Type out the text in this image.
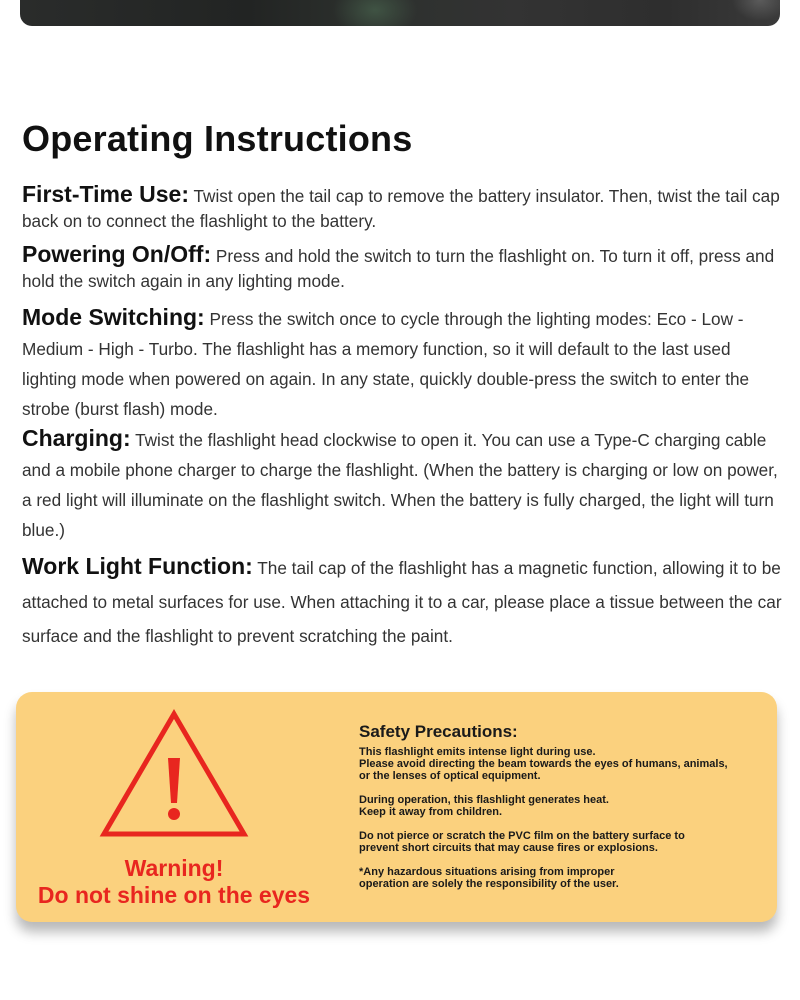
Operating Instructions

First-Time Use: Twist open the tail cap to remove the battery insulator. Then, twist the tail cap back on to connect the flashlight to the battery.

Powering On/Off: Press and hold the switch to turn the flashlight on. To turn it off, press and hold the switch again in any lighting mode.

Mode Switching: Press the switch once to cycle through the lighting modes: Eco - Low - Medium - High - Turbo. The flashlight has a memory function, so it will default to the last used lighting mode when powered on again. In any state, quickly double-press the switch to enter the strobe (burst flash) mode.

Charging: Twist the flashlight head clockwise to open it. You can use a Type-C charging cable and a mobile phone charger to charge the flashlight. (When the battery is charging or low on power, a red light will illuminate on the flashlight switch. When the battery is fully charged, the light will turn blue.)

Work Light Function: The tail cap of the flashlight has a magnetic function, allowing it to be attached to metal surfaces for use. When attaching it to a car, please place a tissue between the car surface and the flashlight to prevent scratching the paint.

Warning!
Do not shine on the eyes
Safety Precautions:

This flashlight emits intense light during use.
Please avoid directing the beam towards the eyes of humans, animals,
or the lenses of optical equipment.

During operation, this flashlight generates heat.
Keep it away from children.

Do not pierce or scratch the PVC film on the battery surface to
prevent short circuits that may cause fires or explosions.

*Any hazardous situations arising from improper
operation are solely the responsibility of the user.
